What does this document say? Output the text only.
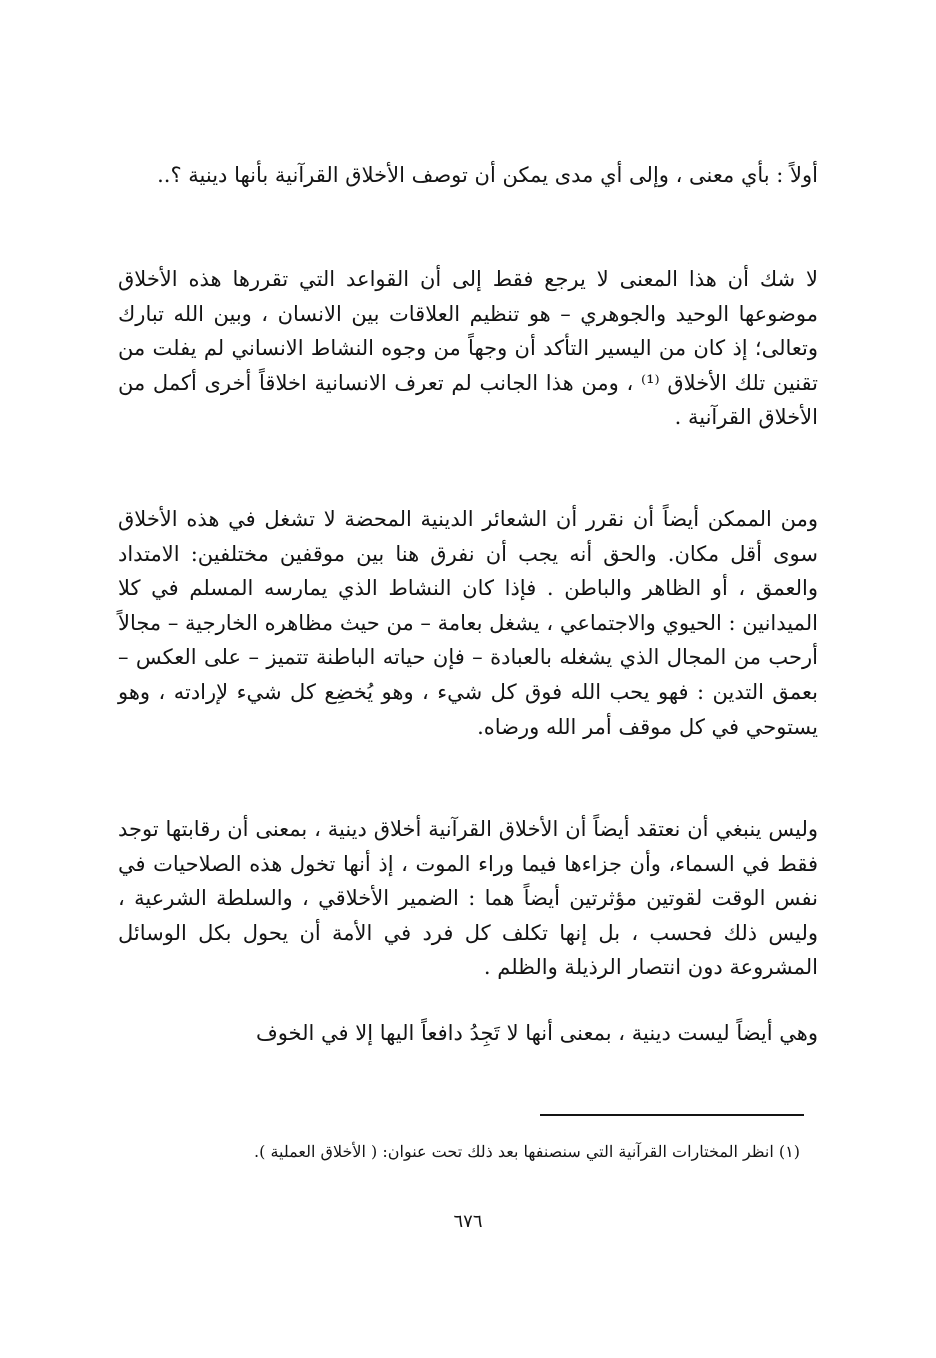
أولاً : بأي معنى ، وإلى أي مدى يمكن أن توصف الأخلاق القرآنية بأنها دينية ؟..

لا شك أن هذا المعنى لا يرجع فقط إلى أن القواعد التي تقررها هذه الأخلاق موضوعها الوحيد والجوهري – هو تنظيم العلاقات بين الانسان ، وبين الله تبارك وتعالى؛ إذ كان من اليسير التأكد أن وجهاً من وجوه النشاط الانساني لم يفلت من تقنين تلك الأخلاق ⁽¹⁾ ، ومن هذا الجانب لم تعرف الانسانية اخلاقاً أخرى أكمل من الأخلاق القرآنية .

ومن الممكن أيضاً أن نقرر أن الشعائر الدينية المحضة لا تشغل في هذه الأخلاق سوى أقل مكان. والحق أنه يجب أن نفرق هنا بين موقفين مختلفين: الامتداد والعمق ، أو الظاهر والباطن . فإذا كان النشاط الذي يمارسه المسلم في كلا الميدانين : الحيوي والاجتماعي ، يشغل بعامة – من حيث مظاهره الخارجية – مجالاً أرحب من المجال الذي يشغله بالعبادة – فإن حياته الباطنة تتميز – على العكس – بعمق التدين : فهو يحب الله فوق كل شيء ، وهو يُخضِع كل شيء لإرادته ، وهو يستوحي في كل موقف أمر الله ورضاه.

وليس ينبغي أن نعتقد أيضاً أن الأخلاق القرآنية أخلاق دينية ، بمعنى أن رقابتها توجد فقط في السماء، وأن جزاءها فيما وراء الموت ، إذ أنها تخول هذه الصلاحيات في نفس الوقت لقوتين مؤثرتين أيضاً هما : الضمير الأخلاقي ، والسلطة الشرعية ، وليس ذلك فحسب ، بل إنها تكلف كل فرد في الأمة أن يحول بكل الوسائل المشروعة دون انتصار الرذيلة والظلم .

وهي أيضاً ليست دينية ، بمعنى أنها لا تَجِدُ دافعاً اليها إلا في الخوف

(١) انظر المختارات القرآنية التي سنصنفها بعد ذلك تحت عنوان: ( الأخلاق العملية ).

٦٧٦
